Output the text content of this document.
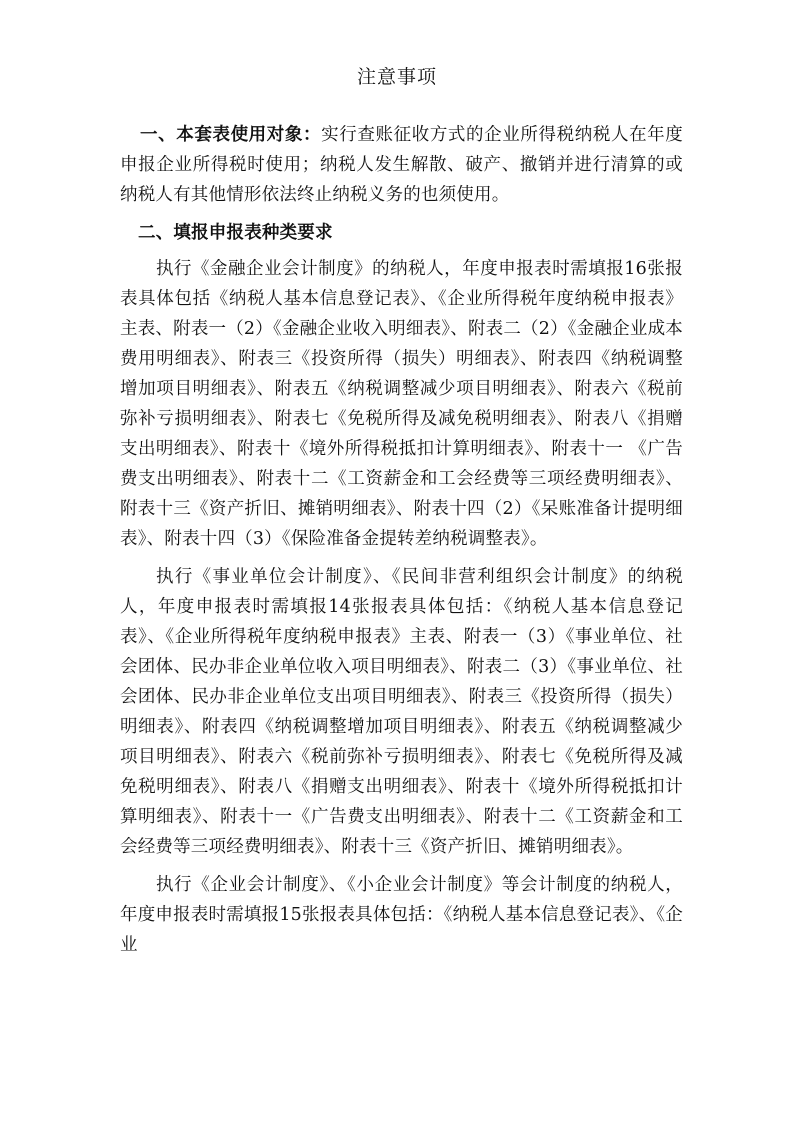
注意事项

一、本套表使用对象：实行查账征收方式的企业所得税纳税人在年度申报企业所得税时使用；纳税人发生解散、破产、撤销并进行清算的或纳税人有其他情形依法终止纳税义务的也须使用。

二、填报申报表种类要求

执行《金融企业会计制度》的纳税人，年度申报表时需填报16张报表具体包括《纳税人基本信息登记表》、《企业所得税年度纳税申报表》主表、附表一（2）《金融企业收入明细表》、附表二（2）《金融企业成本费用明细表》、附表三《投资所得（损失）明细表》、附表四《纳税调整增加项目明细表》、附表五《纳税调整减少项目明细表》、附表六《税前弥补亏损明细表》、附表七《免税所得及减免税明细表》、附表八《捐赠支出明细表》、附表十《境外所得税抵扣计算明细表》、附表十一 《广告费支出明细表》、附表十二《工资薪金和工会经费等三项经费明细表》、附表十三《资产折旧、摊销明细表》、附表十四（2）《呆账准备计提明细表》、附表十四（3）《保险准备金提转差纳税调整表》。

执行《事业单位会计制度》、《民间非营利组织会计制度》的纳税人，年度申报表时需填报14张报表具体包括：《纳税人基本信息登记表》、《企业所得税年度纳税申报表》主表、附表一（3）《事业单位、社会团体、民办非企业单位收入项目明细表》、附表二（3）《事业单位、社会团体、民办非企业单位支出项目明细表》、附表三《投资所得（损失）明细表》、附表四《纳税调整增加项目明细表》、附表五《纳税调整减少项目明细表》、附表六《税前弥补亏损明细表》、附表七《免税所得及减免税明细表》、附表八《捐赠支出明细表》、附表十《境外所得税抵扣计算明细表》、附表十一《广告费支出明细表》、附表十二《工资薪金和工会经费等三项经费明细表》、附表十三《资产折旧、摊销明细表》。

执行《企业会计制度》、《小企业会计制度》等会计制度的纳税人，年度申报表时需填报15张报表具体包括：《纳税人基本信息登记表》、《企业
